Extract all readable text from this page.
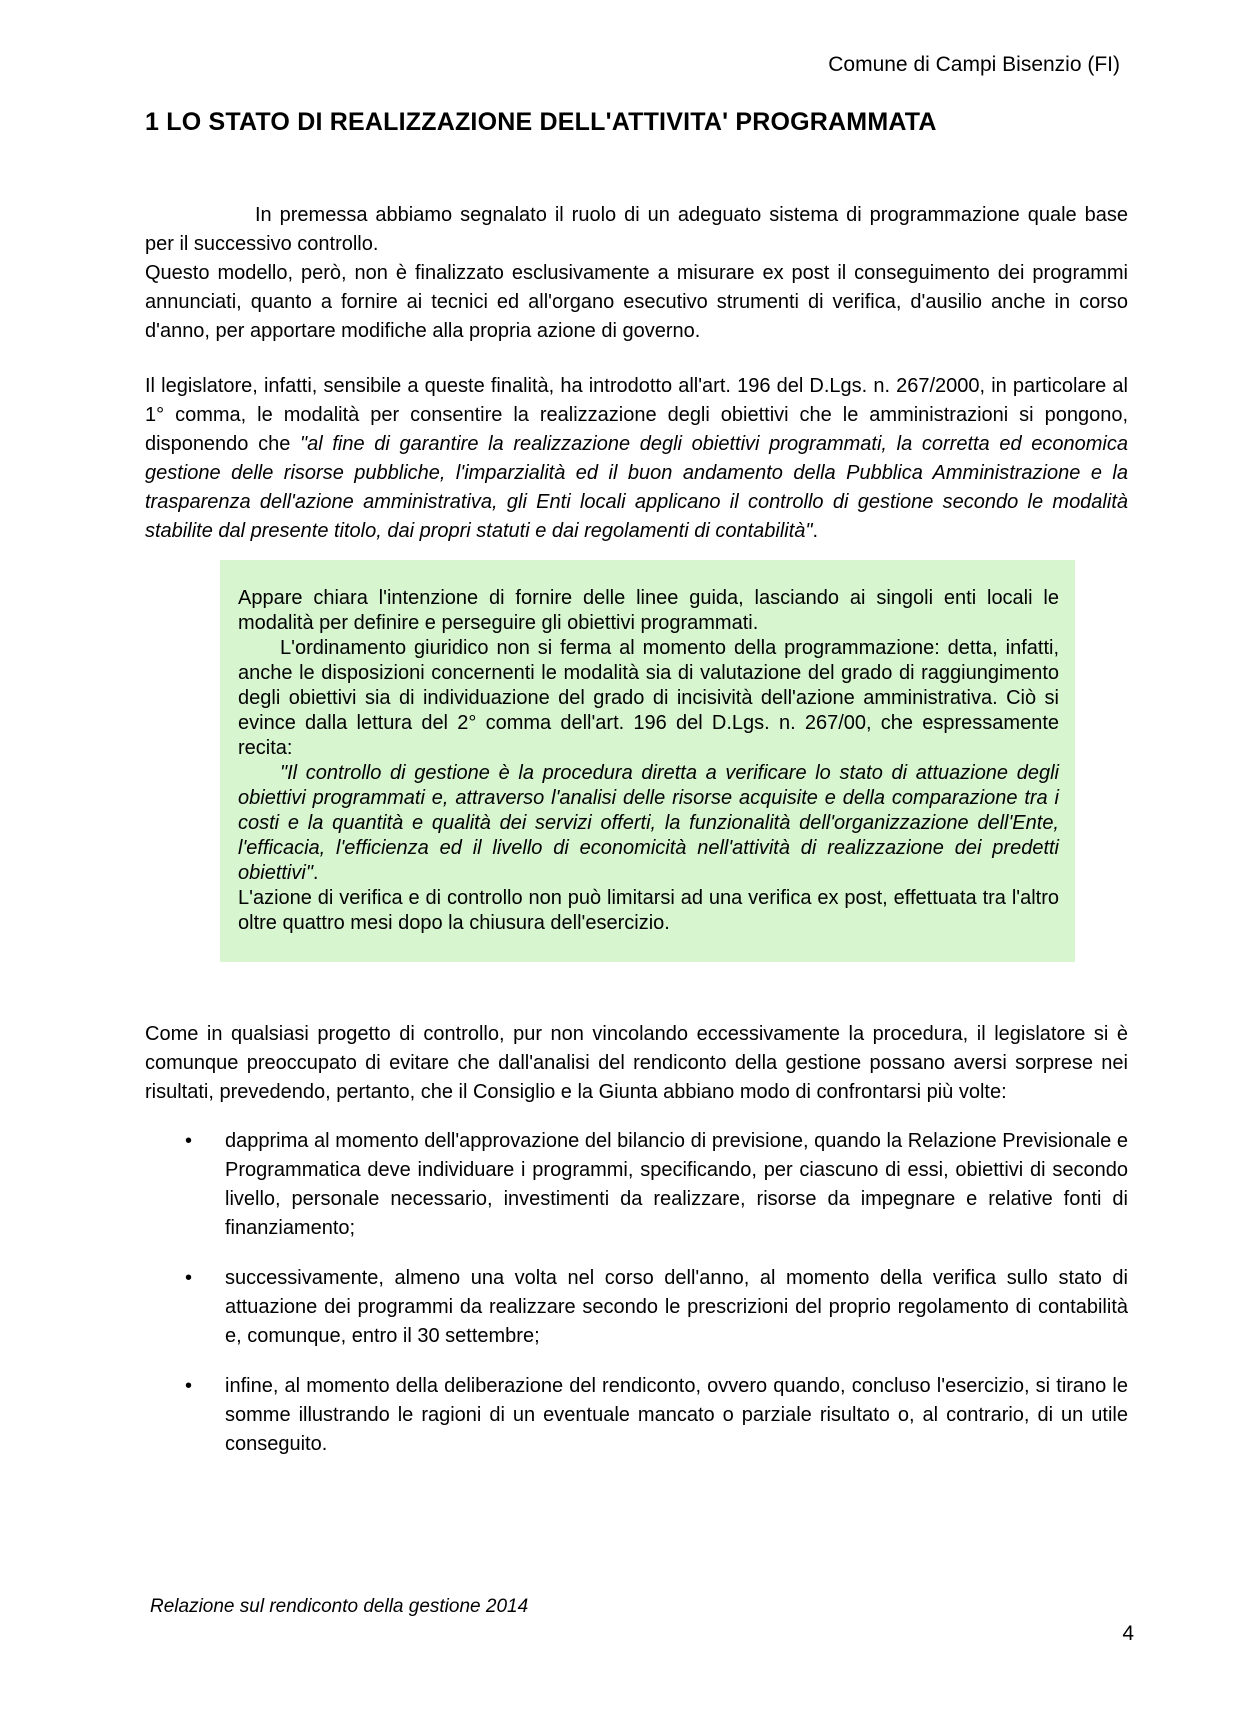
Comune di Campi Bisenzio (FI)
1 LO STATO DI REALIZZAZIONE DELL'ATTIVITA' PROGRAMMATA

In premessa abbiamo segnalato il ruolo di un adeguato sistema di programmazione quale base per il successivo controllo.

Questo modello, però, non è finalizzato esclusivamente a misurare ex post il conseguimento dei programmi annunciati, quanto a fornire ai tecnici ed all'organo esecutivo strumenti di verifica, d'ausilio anche in corso d'anno, per apportare modifiche alla propria azione di governo.

Il legislatore, infatti, sensibile a queste finalità, ha introdotto all'art. 196 del D.Lgs. n. 267/2000, in particolare al 1° comma, le modalità per consentire la realizzazione degli obiettivi che le amministrazioni si pongono, disponendo che "al fine di garantire la realizzazione degli obiettivi programmati, la corretta ed economica gestione delle risorse pubbliche, l'imparzialità ed il buon andamento della Pubblica Amministrazione e la trasparenza dell'azione amministrativa, gli Enti locali applicano il controllo di gestione secondo le modalità stabilite dal presente titolo, dai propri statuti e dai regolamenti di contabilità".

Appare chiara l'intenzione di fornire delle linee guida, lasciando ai singoli enti locali le modalità per definire e perseguire gli obiettivi programmati.

L'ordinamento giuridico non si ferma al momento della programmazione: detta, infatti, anche le disposizioni concernenti le modalità sia di valutazione del grado di raggiungimento degli obiettivi sia di individuazione del grado di incisività dell'azione amministrativa. Ciò si evince dalla lettura del 2° comma dell'art. 196 del D.Lgs. n. 267/00, che espressamente recita:

"Il controllo di gestione è la procedura diretta a verificare lo stato di attuazione degli obiettivi programmati e, attraverso l'analisi delle risorse acquisite e della comparazione tra i costi e la quantità e qualità dei servizi offerti, la funzionalità dell'organizzazione dell'Ente, l'efficacia, l'efficienza ed il livello di economicità nell'attività di realizzazione dei predetti obiettivi".

L'azione di verifica e di controllo non può limitarsi ad una verifica ex post, effettuata tra l'altro oltre quattro mesi dopo la chiusura dell'esercizio.

Come in qualsiasi progetto di controllo, pur non vincolando eccessivamente la procedura, il legislatore si è comunque preoccupato di evitare che dall'analisi del rendiconto della gestione possano aversi sorprese nei risultati, prevedendo, pertanto, che il Consiglio e la Giunta abbiano modo di confrontarsi più volte:

• dapprima al momento dell'approvazione del bilancio di previsione, quando la Relazione Previsionale e Programmatica deve individuare i programmi, specificando, per ciascuno di essi, obiettivi di secondo livello, personale necessario, investimenti da realizzare, risorse da impegnare e relative fonti di finanziamento;
• successivamente, almeno una volta nel corso dell'anno, al momento della verifica sullo stato di attuazione dei programmi da realizzare secondo le prescrizioni del proprio regolamento di contabilità e, comunque, entro il 30 settembre;
• infine, al momento della deliberazione del rendiconto, ovvero quando, concluso l'esercizio, si tirano le somme illustrando le ragioni di un eventuale mancato o parziale risultato o, al contrario, di un utile conseguito.
Relazione sul rendiconto della gestione 2014
4
